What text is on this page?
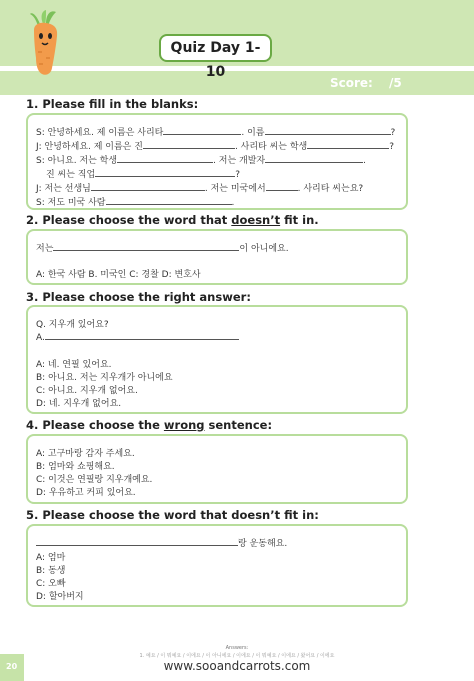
Score: /5
Quiz Day 1-10
1. Please fill in the blanks:
S: 안녕하세요. 제 이름은 사리타	. 이름	?
J: 안녕하세요. 제 이름은 진	. 사리타 씨는 학생	?
S: 아니요. 저는 학생	. 저는 개발자	.
진 씨는 직업	?
J: 저는 선생님	. 저는 미국에서	. 사리타 씨는요?
S: 저도 미국 사람	.
2. Please choose the word that doesn’t fit in.
저는	이 아니에요.
A: 한국 사람 B. 미국인 C: 경찰 D: 변호사
3. Please choose the right answer:
Q. 지우개 있어요?
A.
A: 네. 연필 있어요.
B: 아니요. 저는 지우개가 아니에요
C: 아니요. 지우개 없어요.
D: 네. 지우개 없어요.
4. Please choose the wrong sentence:
A: 고구마랑 감자 주세요.
B: 엄마와 쇼핑해요.
C: 이것은 연필랑 지우개예요.
D: 우유하고 커피 있어요.
5. Please choose the word that doesn’t fit in:
랑 운동해요.
A: 엄마
B: 동생
C: 오빠
D: 할아버지
Answers:
1. 예요 / 이 뭐예요 / 이에요 / 이 아니에요 / 이에요 / 이 뭐예요 / 이에요 / 왔어요 / 이에요
www.sooandcarrots.com
20
